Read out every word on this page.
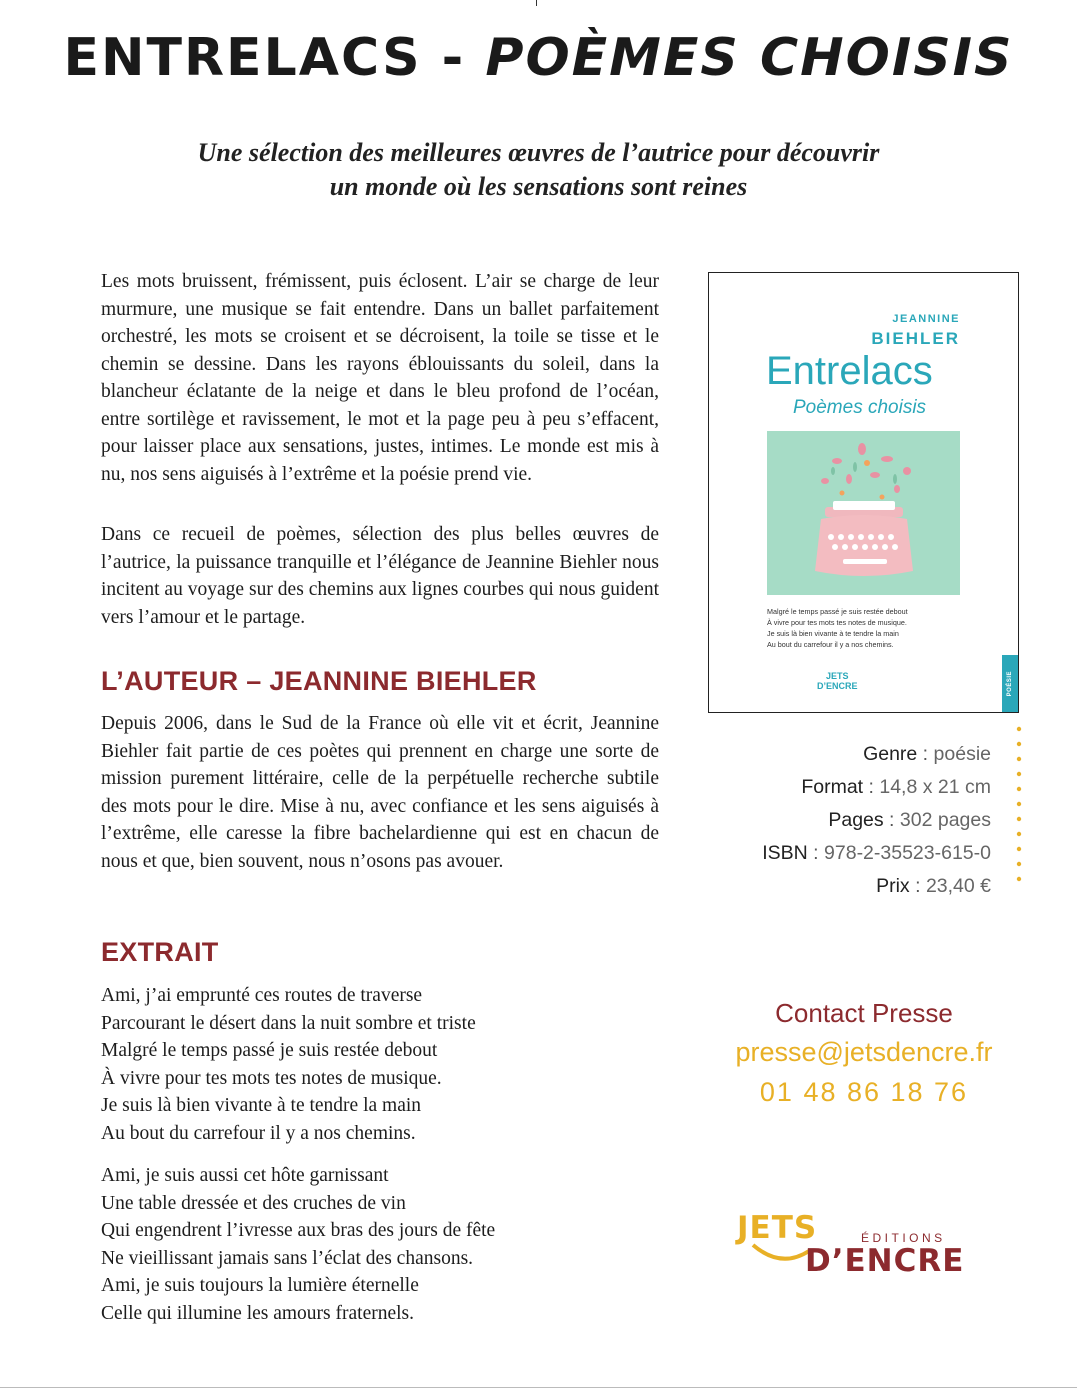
ENTRELACS - POÈMES CHOISIS
Une sélection des meilleures œuvres de l’autrice pour découvrir
un monde où les sensations sont reines

Les mots bruissent, frémissent, puis éclosent. L’air se charge de leur murmure, une musique se fait entendre. Dans un ballet parfaitement orchestré, les mots se croisent et se décroisent, la toile se tisse et le chemin se dessine. Dans les rayons éblouissants du soleil, dans la blancheur éclatante de la neige et dans le bleu profond de l’océan, entre sortilège et ravissement, le mot et la page peu à peu s’effacent, pour laisser place aux sensations, justes, intimes. Le monde est mis à nu, nos sens aiguisés à l’extrême et la poésie prend vie.

Dans ce recueil de poèmes, sélection des plus belles œuvres de l’autrice, la puissance tranquille et l’élégance de Jeannine Biehler nous incitent au voyage sur des chemins aux lignes courbes qui nous guident vers l’amour et le partage.

L’AUTEUR – JEANNINE BIEHLER

Depuis 2006, dans le Sud de la France où elle vit et écrit, Jeannine Biehler fait partie de ces poètes qui prennent en charge une sorte de mission purement littéraire, celle de la perpétuelle recherche subtile des mots pour le dire. Mise à nu, avec confiance et les sens aiguisés à l’extrême, elle caresse la fibre bachelardienne qui est en chacun de nous et que, bien souvent, nous n’osons pas avouer.

EXTRAIT
Ami, j’ai emprunté ces routes de traverse
Parcourant le désert dans la nuit sombre et triste
Malgré le temps passé je suis restée debout
À vivre pour tes mots tes notes de musique.
Je suis là bien vivante à te tendre la main
Au bout du carrefour il y a nos chemins.
Ami, je suis aussi cet hôte garnissant
Une table dressée et des cruches de vin
Qui engendrent l’ivresse aux bras des jours de fête
Ne vieillissant jamais sans l’éclat des chansons.
Ami, je suis toujours la lumière éternelle
Celle qui illumine les amours fraternels.
JEANNINE
BIEHLER
Entrelacs
Poèmes choisis
Malgré le temps passé je suis restée debout
À vivre pour tes mots tes notes de musique.
Je suis là bien vivante à te tendre la main
Au bout du carrefour il y a nos chemins.
JETS
D’ENCRE	POÉSIE
Genre : poésie
Format : 14,8 x 21 cm
Pages : 302 pages
ISBN : 978-2-35523-615-0
Prix : 23,40 €
Contact Presse
presse@jetsdencre.fr
01 48 86 18 76
JETS	ÉDITIONS
D’ENCRE
